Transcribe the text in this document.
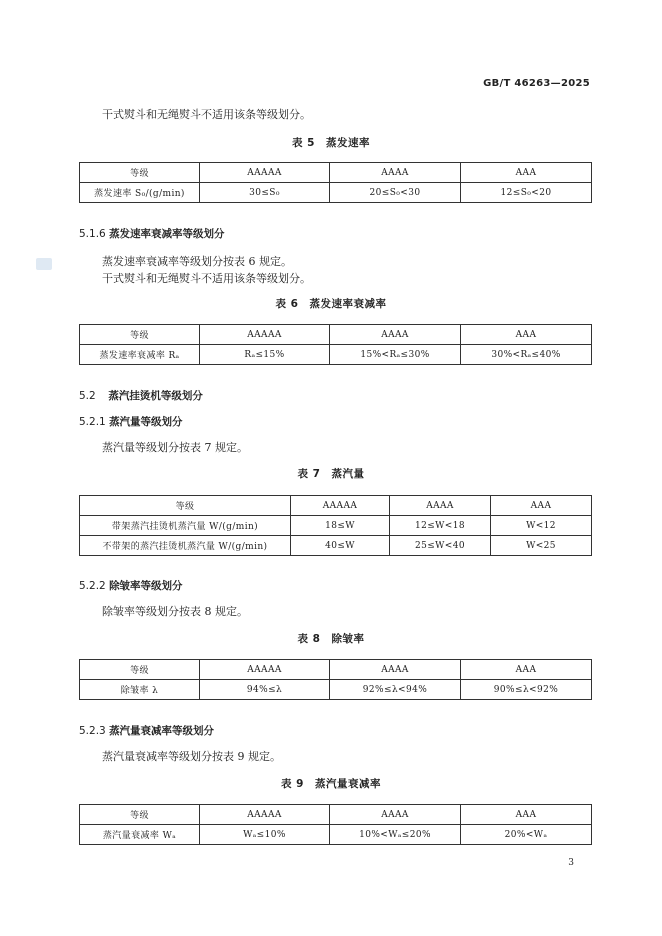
GB/T 46263—2025
干式熨斗和无绳熨斗不适用该条等级划分。
表 5　蒸发速率
等级	AAAAA	AAAA	AAA
蒸发速率 S₀/(g/min)	30≤S₀	20≤S₀<30	12≤S₀<20
5.1.6 蒸发速率衰减率等级划分
蒸发速率衰减率等级划分按表 6 规定。
干式熨斗和无绳熨斗不适用该条等级划分。
表 6　蒸发速率衰减率
等级	AAAAA	AAAA	AAA
蒸发速率衰减率 Rₐ	Rₐ≤15%	15%<Rₐ≤30%	30%<Rₐ≤40%
5.2 蒸汽挂烫机等级划分
5.2.1 蒸汽量等级划分
蒸汽量等级划分按表 7 规定。
表 7　蒸汽量
等级	AAAAA	AAAA	AAA
带架蒸汽挂烫机蒸汽量 W/(g/min)	18≤W	12≤W<18	W<12
不带架的蒸汽挂烫机蒸汽量 W/(g/min)	40≤W	25≤W<40	W<25
5.2.2 除皱率等级划分
除皱率等级划分按表 8 规定。
表 8　除皱率
等级	AAAAA	AAAA	AAA
除皱率 λ	94%≤λ	92%≤λ<94%	90%≤λ<92%
5.2.3 蒸汽量衰减率等级划分
蒸汽量衰减率等级划分按表 9 规定。
表 9　蒸汽量衰减率
等级	AAAAA	AAAA	AAA
蒸汽量衰减率 Wₐ	Wₐ≤10%	10%<Wₐ≤20%	20%<Wₐ
3
